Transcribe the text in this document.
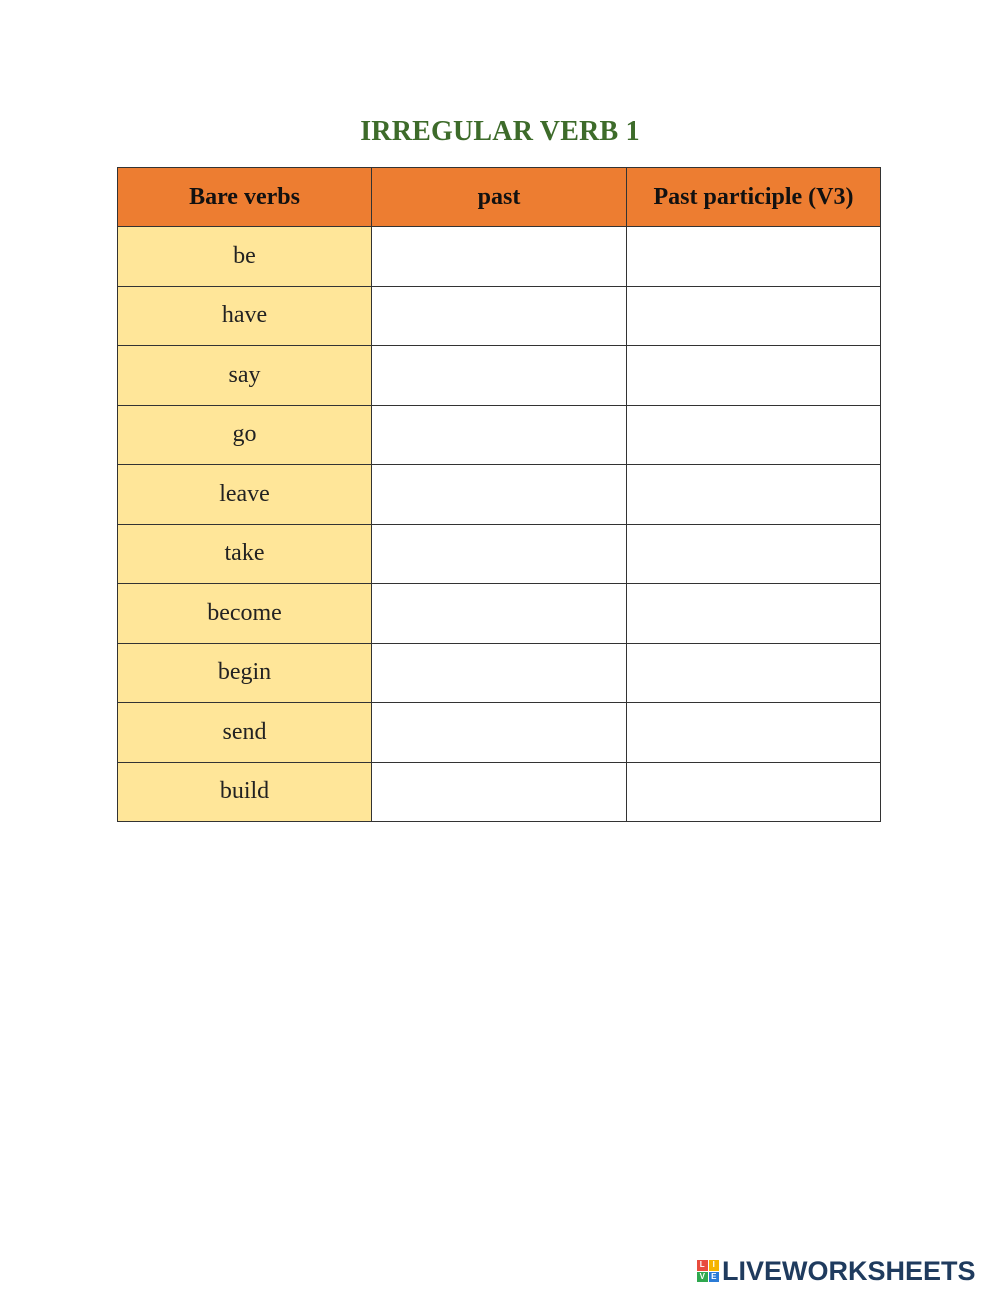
IRREGULAR VERB 1
Bare verbs	past	Past participle (V3)
be		
have		
say		
go		
leave		
take		
become		
begin		
send		
build		
L I
V E LIVEWORKSHEETS
